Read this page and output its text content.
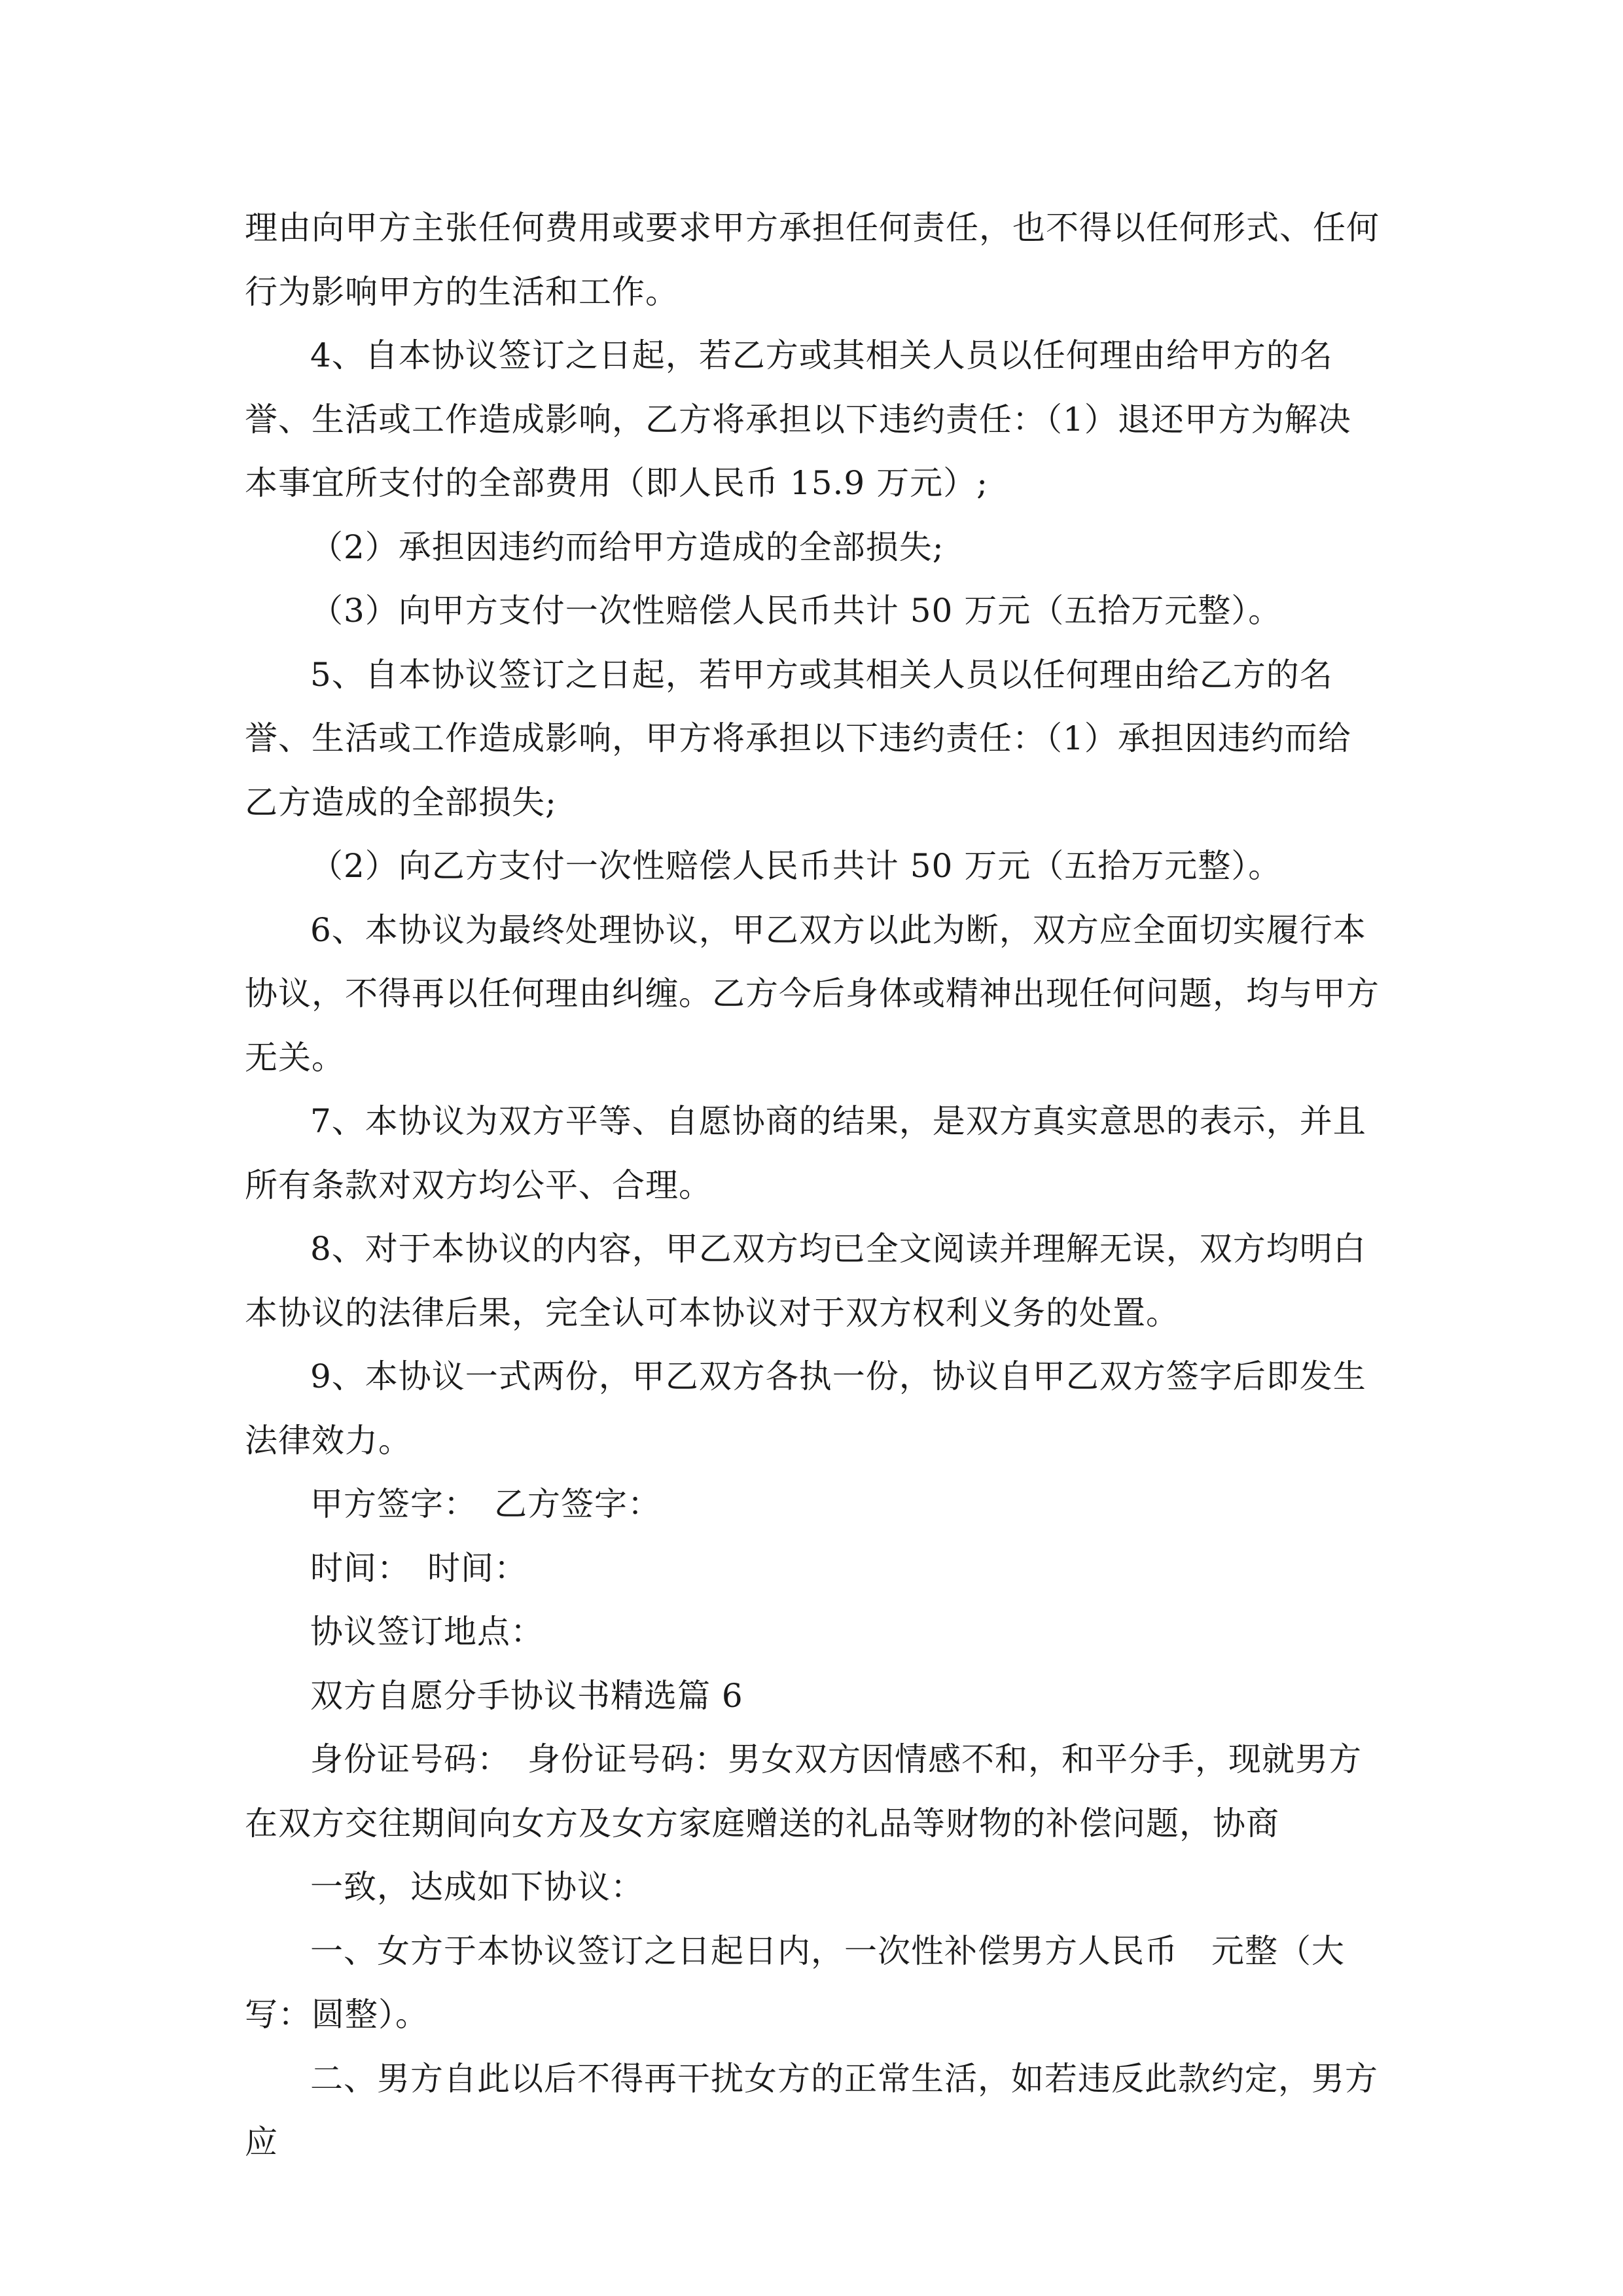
理由向甲方主张任何费用或要求甲方承担任何责任，也不得以任何形式、任何行为影响甲方的生活和工作。

4、自本协议签订之日起，若乙方或其相关人员以任何理由给甲方的名誉、生活或工作造成影响，乙方将承担以下违约责任：（1）退还甲方为解决本事宜所支付的全部费用（即人民币 15.9 万元）;

（2）承担因违约而给甲方造成的全部损失;

（3）向甲方支付一次性赔偿人民币共计 50 万元（五拾万元整）。

5、自本协议签订之日起，若甲方或其相关人员以任何理由给乙方的名誉、生活或工作造成影响，甲方将承担以下违约责任：（1）承担因违约而给乙方造成的全部损失;

（2）向乙方支付一次性赔偿人民币共计 50 万元（五拾万元整）。

6、本协议为最终处理协议，甲乙双方以此为断，双方应全面切实履行本协议，不得再以任何理由纠缠。乙方今后身体或精神出现任何问题，均与甲方无关。

7、本协议为双方平等、自愿协商的结果，是双方真实意思的表示，并且所有条款对双方均公平、合理。

8、对于本协议的内容，甲乙双方均已全文阅读并理解无误，双方均明白本协议的法律后果，完全认可本协议对于双方权利义务的处置。

9、本协议一式两份，甲乙双方各执一份，协议自甲乙双方签字后即发生法律效力。

甲方签字：　乙方签字：

时间：　时间：

协议签订地点：

双方自愿分手协议书精选篇 6

身份证号码：　身份证号码：男女双方因情感不和，和平分手，现就男方在双方交往期间向女方及女方家庭赠送的礼品等财物的补偿问题，协商

一致，达成如下协议：

一、女方于本协议签订之日起日内，一次性补偿男方人民币　元整（大写：圆整）。

二、男方自此以后不得再干扰女方的正常生活，如若违反此款约定，男方应
